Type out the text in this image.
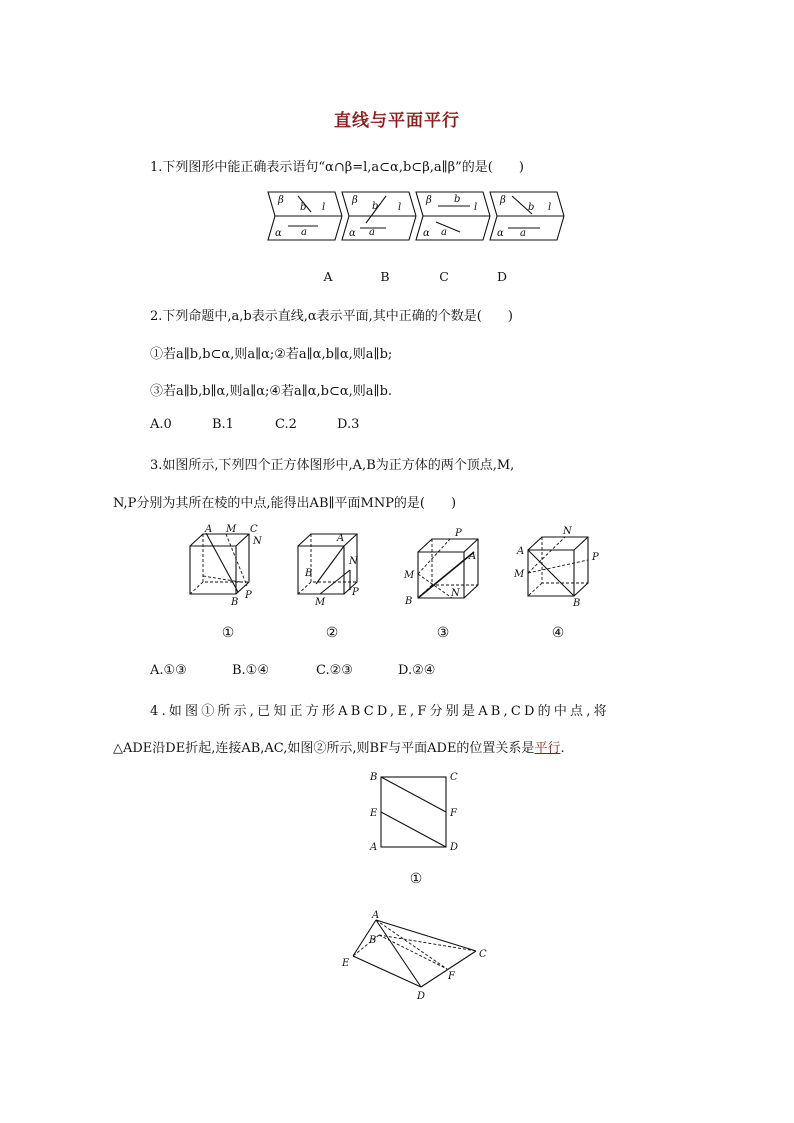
直线与平面平行
1.下列图形中能正确表示语句“α∩β=l,a⊂α,b⊂β,a∥β”的是(　　)
β
b l
α a
β
b l
α a
β b
l
α a
β
b l
α a
A	B	C	D
2.下列命题中,a,b表示直线,α表示平面,其中正确的个数是(　　)
①若a∥b,b⊂α,则a∥α;②若a∥α,b∥α,则a∥b;
③若a∥b,b∥α,则a∥α;④若a∥α,b⊂α,则a∥b.
A.0	B.1	C.2	D.3
3.如图所示,下列四个正方体图形中,A,B为正方体的两个顶点,M,
N,P分别为其所在棱的中点,能得出AB∥平面MNP的是(　　)
A M C
N
B
P
A
N
B
M
P
P
A
M
B
N
N
A
M
P
B
①	②	③	④
A.①③	B.①④	C.②③	D.②④
4.如图①所示,已知正方形ABCD,E,F分别是AB,CD的中点,将
△ADE沿DE折起,连接AB,AC,如图②所示,则BF与平面ADE的位置关系是平行.
B	C
E	F
A	D
①
A
B
E
C
F
D
